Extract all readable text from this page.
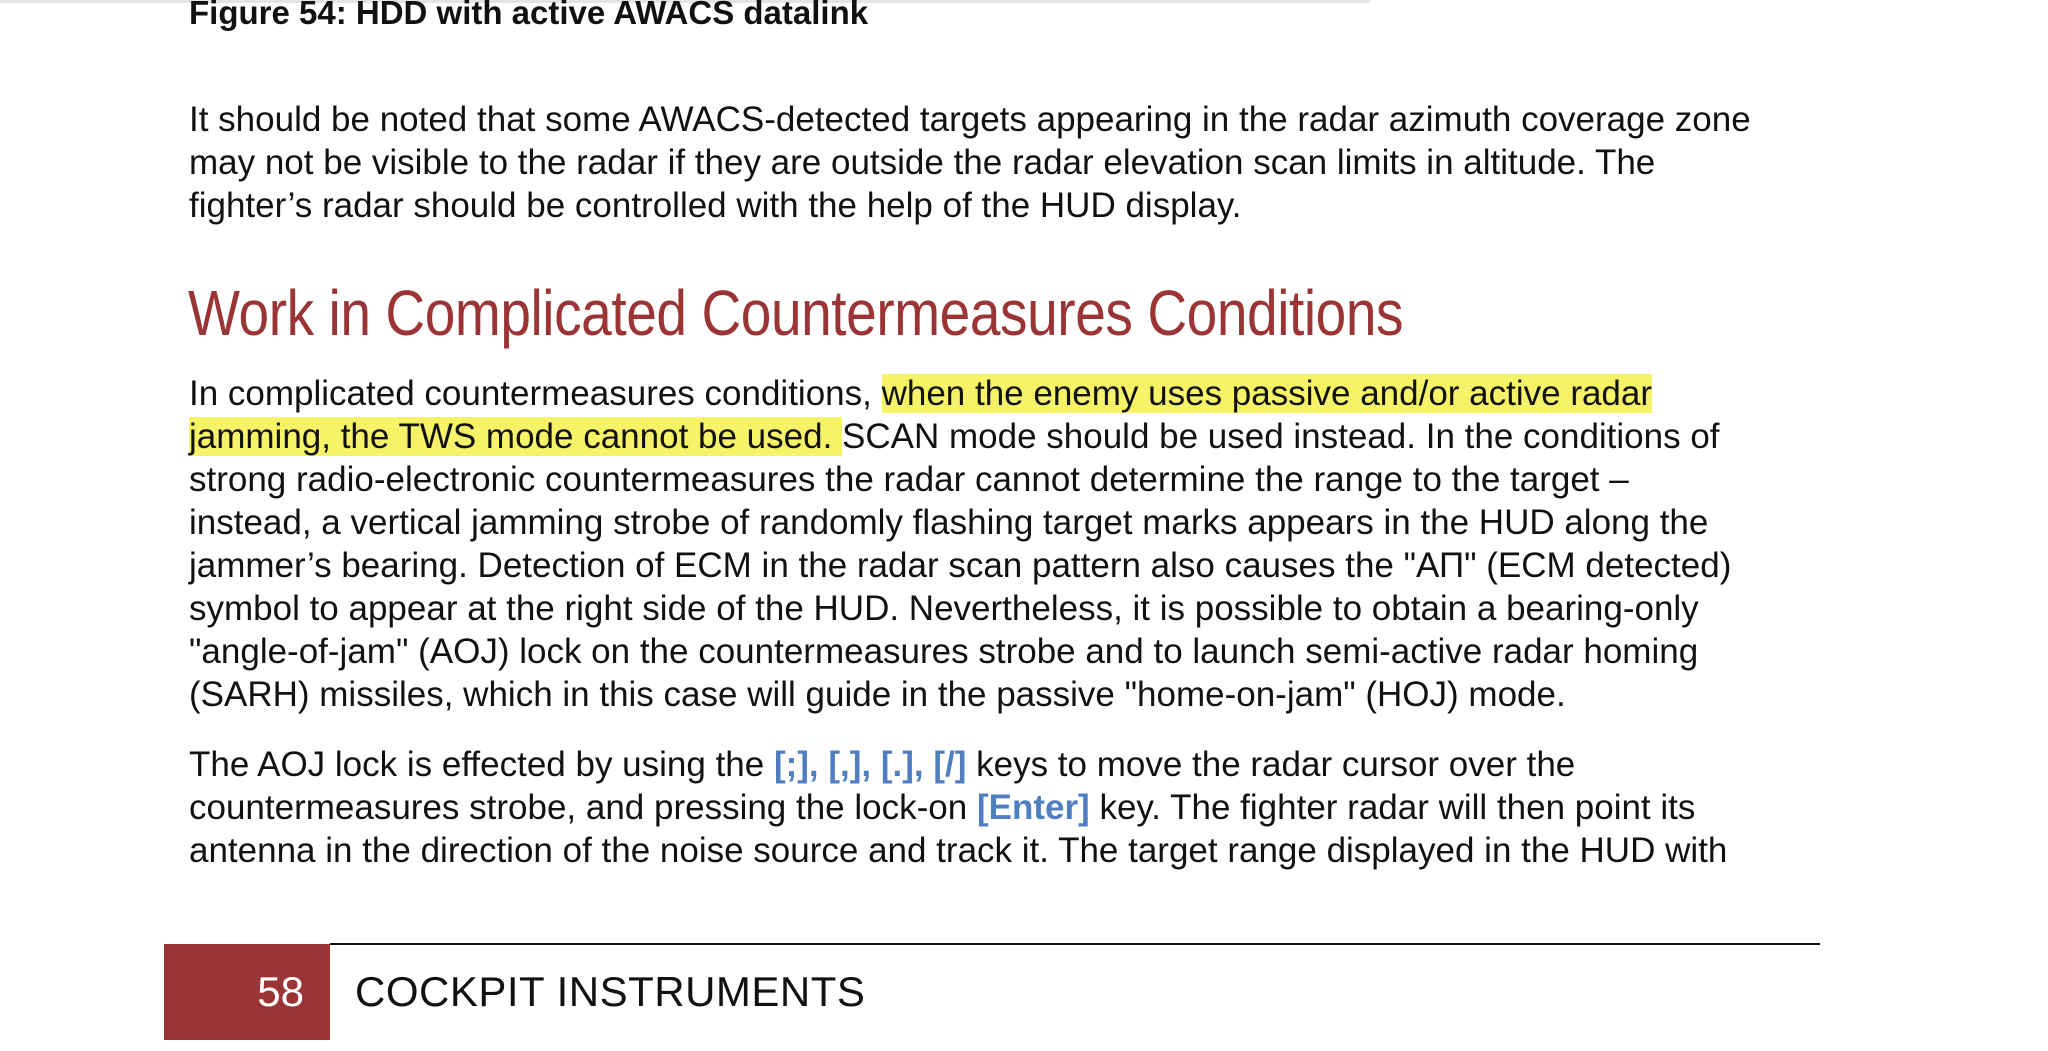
Figure 54: HDD with active AWACS datalink

It should be noted that some AWACS-detected targets appearing in the radar azimuth coverage zone
may not be visible to the radar if they are outside the radar elevation scan limits in altitude. The
fighter’s radar should be controlled with the help of the HUD display.

Work in Complicated Countermeasures Conditions

In complicated countermeasures conditions, when the enemy uses passive and/or active radar
jamming, the TWS mode cannot be used. SCAN mode should be used instead. In the conditions of
strong radio-electronic countermeasures the radar cannot determine the range to the target –
instead, a vertical jamming strobe of randomly flashing target marks appears in the HUD along the
jammer’s bearing. Detection of ECM in the radar scan pattern also causes the "АП" (ECM detected)
symbol to appear at the right side of the HUD. Nevertheless, it is possible to obtain a bearing-only
"angle-of-jam" (AOJ) lock on the countermeasures strobe and to launch semi-active radar homing
(SARH) missiles, which in this case will guide in the passive "home-on-jam" (HOJ) mode.

The AOJ lock is effected by using the [;], [,], [.], [/] keys to move the radar cursor over the
countermeasures strobe, and pressing the lock-on [Enter] key. The fighter radar will then point its
antenna in the direction of the noise source and track it. The target range displayed in the HUD with

58 COCKPIT INSTRUMENTS
